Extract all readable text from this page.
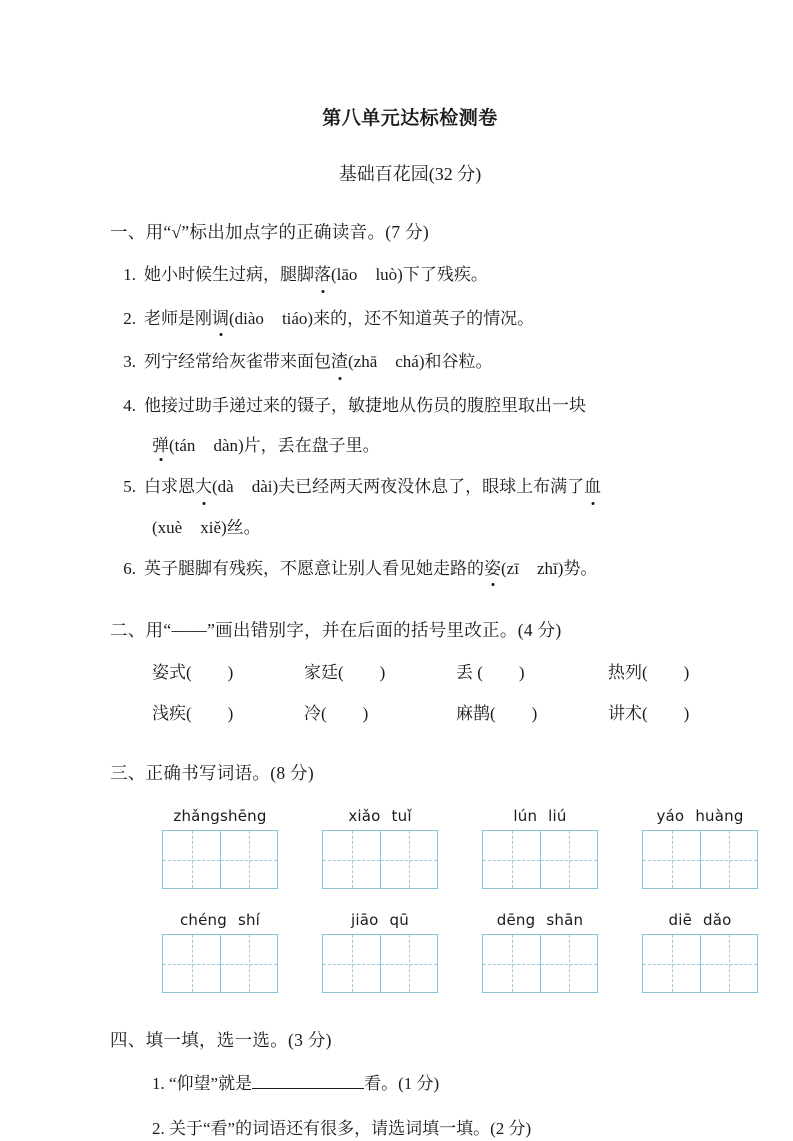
第八单元达标检测卷
基础百花园(32 分)
一、用“√”标出加点字的正确读音。(7 分)
1. 她小时候生过病，腿脚落(lāo luò)下了残疾。
2. 老师是刚调(diào tiáo)来的，还不知道英子的情况。
3. 列宁经常给灰雀带来面包渣(zhā chá)和谷粒。
4. 他接过助手递过来的镊子，敏捷地从伤员的腹腔里取出一块
弹(tán dàn)片，丢在盘子里。
5. 白求恩大(dà dài)夫已经两天两夜没休息了，眼球上布满了血
(xuè xiě)丝。
6. 英子腿脚有残疾，不愿意让别人看见她走路的姿(zī zhī)势。
二、用“——”画出错别字，并在后面的括号里改正。(4 分)
姿式( )	家廷( )	丢 ( )	热列( )
浅疾( )	冷( )	麻鹊( )	讲术( )
三、正确书写词语。(8 分)
zhǎngshēng	xiǎo tuǐ	lún liú	yáo huàng
chéng shí	jiāo qū	dēng shān	diē dǎo
四、填一填，选一选。(3 分)
1. “仰望”就是	看。(1 分)
2. 关于“看”的词语还有很多，请选词填一填。(2 分)
